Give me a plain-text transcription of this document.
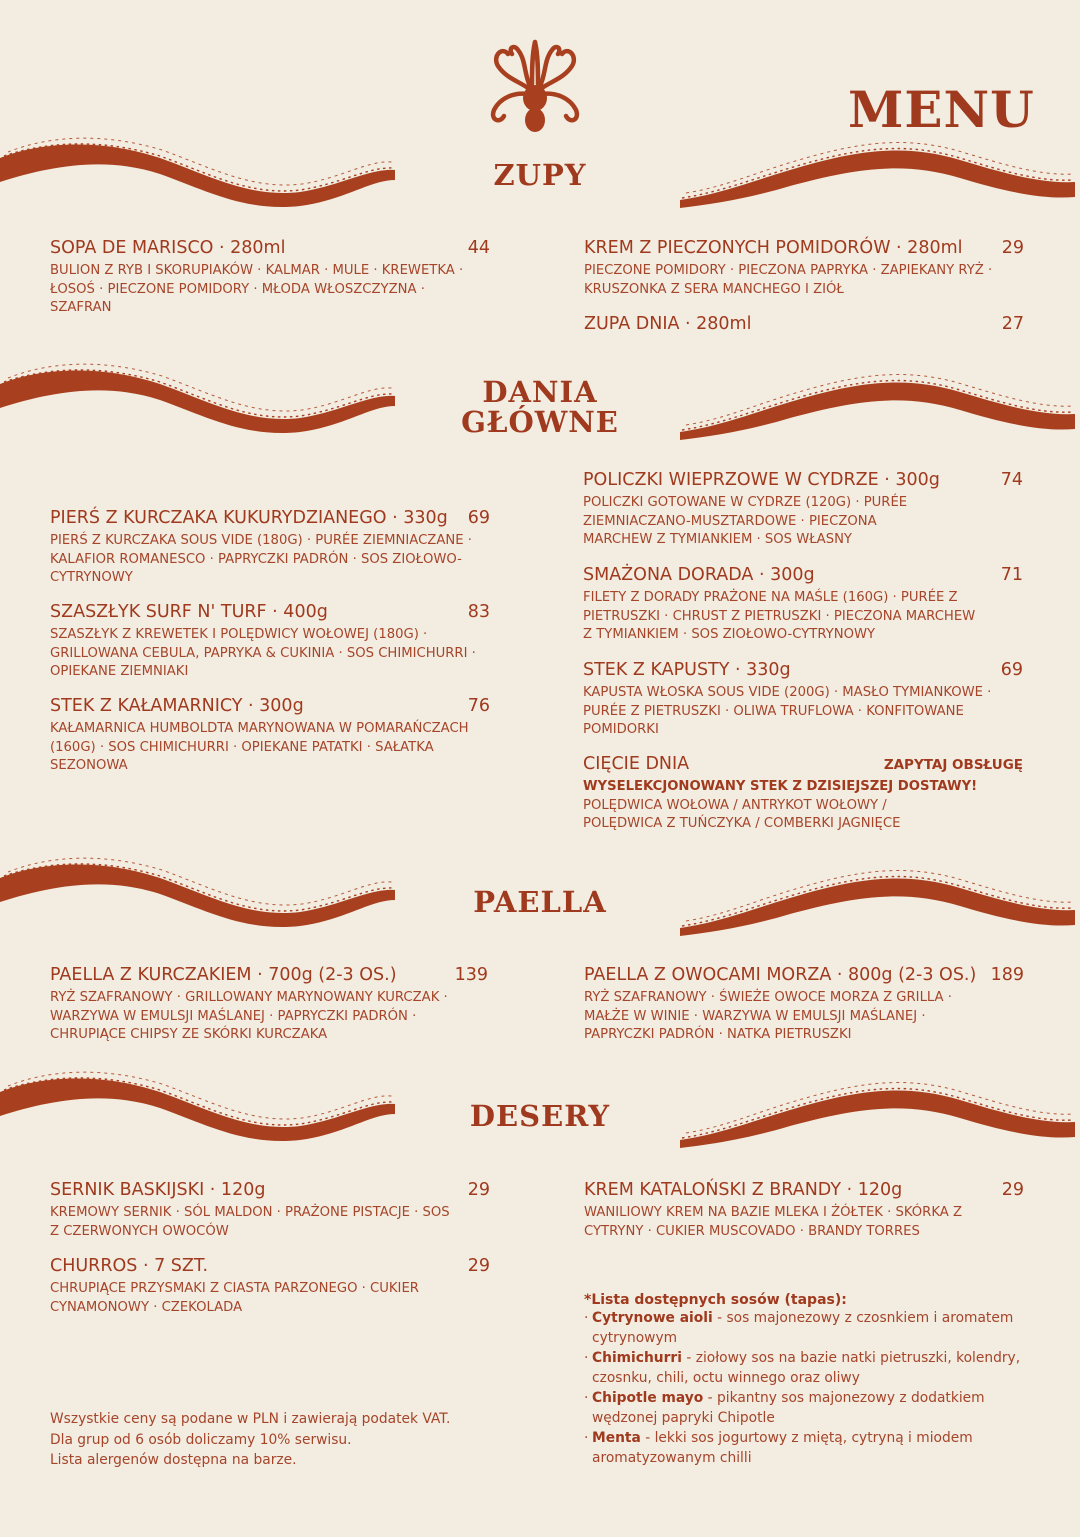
MENU
ZUPY
DANIA
GŁÓWNE
PAELLA
DESERY
SOPA DE MARISCO · 280ml	44
BULION Z RYB I SKORUPIAKÓW · KALMAR · MULE · KREWETKA · ŁOSOŚ · PIECZONE POMIDORY · MŁODA WŁOSZCZYZNA · SZAFRAN
KREM Z PIECZONYCH POMIDORÓW · 280ml 29
PIECZONE POMIDORY · PIECZONA PAPRYKA · ZAPIEKANY RYŻ · KRUSZONKA Z SERA MANCHEGO I ZIÓŁ
ZUPA DNIA · 280ml	27
PIERŚ Z KURCZAKA KUKURYDZIANEGO · 330g 69
PIERŚ Z KURCZAKA SOUS VIDE (180G) · PURÉE ZIEMNIACZANE · KALAFIOR ROMANESCO · PAPRYCZKI PADRÓN · SOS ZIOŁOWO-CYTRYNOWY
SZASZŁYK SURF N' TURF · 400g	83
SZASZŁYK Z KREWETEK I POLĘDWICY WOŁOWEJ (180G) · GRILLOWANA CEBULA, PAPRYKA & CUKINIA · SOS CHIMICHURRI · OPIEKANE ZIEMNIAKI
STEK Z KAŁAMARNICY · 300g	76
KAŁAMARNICA HUMBOLDTA MARYNOWANA W POMARAŃCZACH (160G) · SOS CHIMICHURRI · OPIEKANE PATATKI · SAŁATKA SEZONOWA
POLICZKI WIEPRZOWE W CYDRZE · 300g	74
POLICZKI GOTOWANE W CYDRZE (120G) · PURÉE ZIEMNIACZANO-MUSZTARDOWE · PIECZONA MARCHEW Z TYMIANKIEM · SOS WŁASNY
SMAŻONA DORADA · 300g	71
FILETY Z DORADY PRAŻONE NA MAŚLE (160G) · PURÉE Z PIETRUSZKI · CHRUST Z PIETRUSZKI · PIECZONA MARCHEW Z TYMIANKIEM · SOS ZIOŁOWO-CYTRYNOWY
STEK Z KAPUSTY · 330g	69
KAPUSTA WŁOSKA SOUS VIDE (200G) · MASŁO TYMIANKOWE · PURÉE Z PIETRUSZKI · OLIWA TRUFLOWA · KONFITOWANE POMIDORKI
CIĘCIE DNIA	ZAPYTAJ OBSŁUGĘ
WYSELEKCJONOWANY STEK Z DZISIEJSZEJ DOSTAWY!
POLĘDWICA WOŁOWA / ANTRYKOT WOŁOWY / POLĘDWICA Z TUŃCZYKA / COMBERKI JAGNIĘCE
PAELLA Z KURCZAKIEM · 700g (2-3 OS.)	139
RYŻ SZAFRANOWY · GRILLOWANY MARYNOWANY KURCZAK · WARZYWA W EMULSJI MAŚLANEJ · PAPRYCZKI PADRÓN · CHRUPIĄCE CHIPSY ZE SKÓRKI KURCZAKA
PAELLA Z OWOCAMI MORZA · 800g (2-3 OS.) 189
RYŻ SZAFRANOWY · ŚWIEŻE OWOCE MORZA Z GRILLA · MAŁŻE W WINIE · WARZYWA W EMULSJI MAŚLANEJ · PAPRYCZKI PADRÓN · NATKA PIETRUSZKI
SERNIK BASKIJSKI · 120g	29
KREMOWY SERNIK · SÓL MALDON · PRAŻONE PISTACJE · SOS Z CZERWONYCH OWOCÓW
CHURROS · 7 SZT.	29
CHRUPIĄCE PRZYSMAKI Z CIASTA PARZONEGO · CUKIER CYNAMONOWY · CZEKOLADA
KREM KATALOŃSKI Z BRANDY · 120g	29
WANILIOWY KREM NA BAZIE MLEKA I ŻÓŁTEK · SKÓRKA Z CYTRYNY · CUKIER MUSCOVADO · BRANDY TORRES
*Lista dostępnych sosów (tapas):
· Cytrynowe aioli - sos majonezowy z czosnkiem i aromatem cytrynowym
· Chimichurri - ziołowy sos na bazie natki pietruszki, kolendry, czosnku, chili, octu winnego oraz oliwy
· Chipotle mayo - pikantny sos majonezowy z dodatkiem wędzonej papryki Chipotle
· Menta - lekki sos jogurtowy z miętą, cytryną i miodem aromatyzowanym chilli
Wszystkie ceny są podane w PLN i zawierają podatek VAT.
Dla grup od 6 osób doliczamy 10% serwisu.
Lista alergenów dostępna na barze.
